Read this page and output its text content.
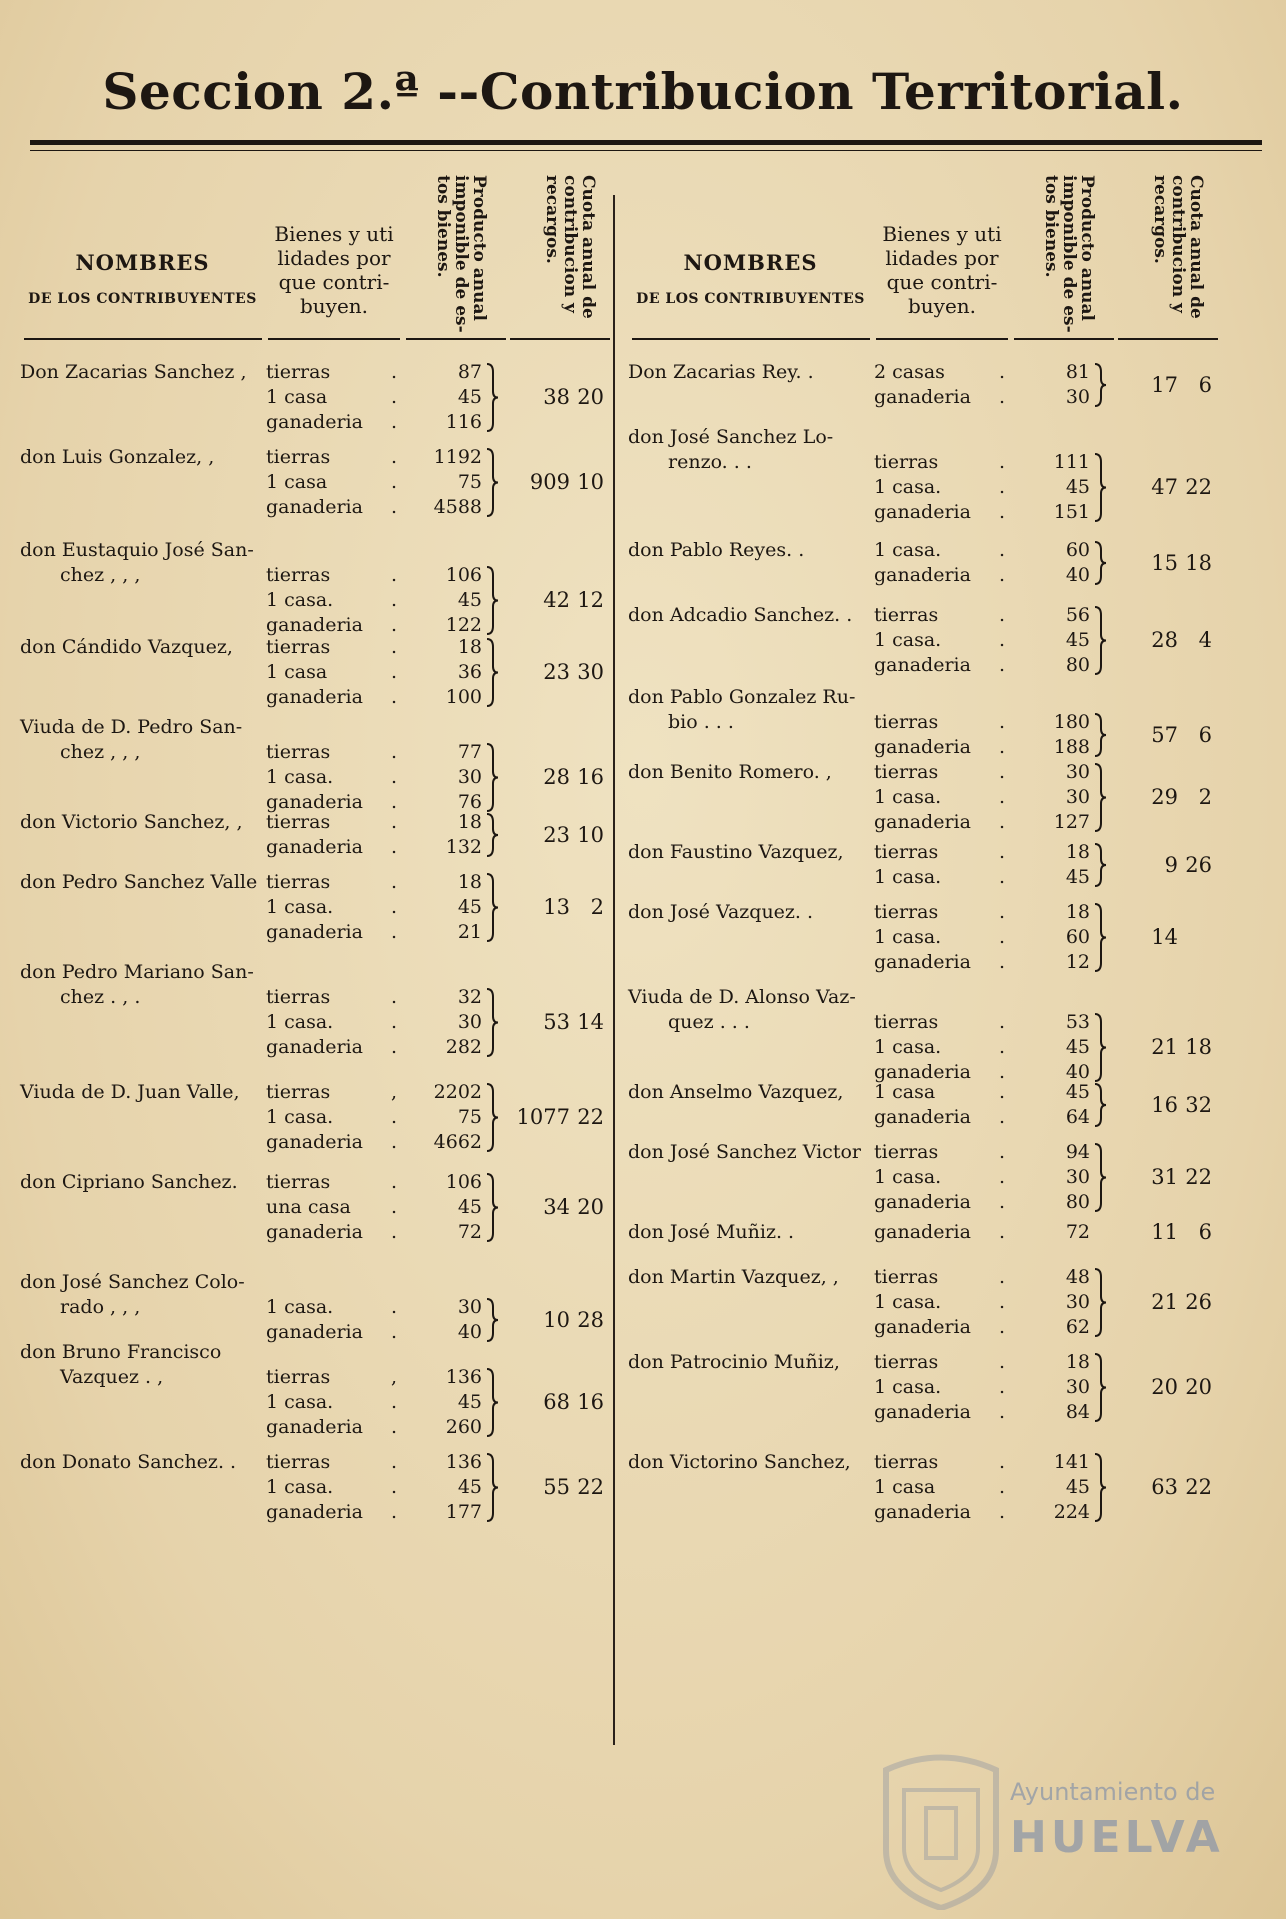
Seccion 2.ª --Contribucion Territorial.
NOMBRES
DE LOS CONTRIBUYENTES
Bienes y uti lidades por que contri- buyen.	Producto anual imponible de es- tos bienes.	Cuota anual de contribucion y recargos.
Don Zacarias Sanchez , tierras	.	87
1 casa	.	45
ganaderia .	116
38 20
don Luis Gonzalez, ,	tierras	.	1192
1 casa	.	75
ganaderia .	4588
909 10
don Eustaquio José San-
chez , , ,	tierras	.	106
1 casa.	.	45
ganaderia .	122
42 12
don Cándido Vazquez, tierras	.	18
1 casa	.	36
ganaderia .	100
23 30
Viuda de D. Pedro San-
chez , , ,	tierras	.	77
1 casa.	.	30
ganaderia .	76
28 16
don Victorio Sanchez, , tierras	.	18
ganaderia .	132
23 10
don Pedro Sanchez Valle tierras	.	18
1 casa.	.	45
ganaderia .	21
13 2
don Pedro Mariano San-
chez . , .	tierras	.	32
1 casa.	.	30
ganaderia .	282
53 14
Viuda de D. Juan Valle, tierras	,	2202
1 casa.	.	75
ganaderia .	4662
1077 22
don Cipriano Sanchez. tierras	.	106
una casa .	45
ganaderia .	72
34 20
don José Sanchez Colo-
rado , , ,	1 casa.	.	30
ganaderia .	40
10 28
don Bruno Francisco
Vazquez . ,	tierras	,	136
1 casa.	.	45
ganaderia .	260
68 16
don Donato Sanchez. . tierras	.	136
1 casa.	.	45
ganaderia .	177
55 22
NOMBRES
DE LOS CONTRIBUYENTES
Bienes y uti lidades por que contri- buyen.	Producto anual imponible de es- tos bienes.	Cuota anual de contribucion y recargos.
Don Zacarias Rey. .	2 casas	.	81
ganaderia .	30
17 6
don José Sanchez Lo-
renzo. . .	tierras	.	111
1 casa.	.	45
ganaderia .	151
47 22
don Pablo Reyes. .	1 casa.	.	60
ganaderia .	40
15 18
don Adcadio Sanchez. . tierras	.	56
1 casa.	.	45
ganaderia .	80
28 4
don Pablo Gonzalez Ru-
bio . . .	tierras	.	180
ganaderia .	188
57 6
don Benito Romero. , tierras	.	30
1 casa.	.	30
ganaderia .	127
29 2
don Faustino Vazquez, tierras	.	18
1 casa.	.	45
9 26
don José Vazquez. .	tierras	.	18
1 casa.	.	60
ganaderia .	12
14
Viuda de D. Alonso Vaz-
quez . . .	tierras	.	53
1 casa.	.	45
ganaderia .	40
21 18
don Anselmo Vazquez, 1 casa	.	45
ganaderia .	64
16 32
don José Sanchez Victor tierras	.	94
1 casa.	.	30
ganaderia .	80
31 22
don José Muñiz. .	ganaderia .	72	11 6
don Martin Vazquez, , tierras	.	48
1 casa.	.	30
ganaderia .	62
21 26
don Patrocinio Muñiz, tierras	.	18
1 casa.	.	30
ganaderia .	84
20 20
don Victorino Sanchez, tierras	.	141
1 casa	.	45
ganaderia .	224
63 22
Ayuntamiento de
HUELVA
